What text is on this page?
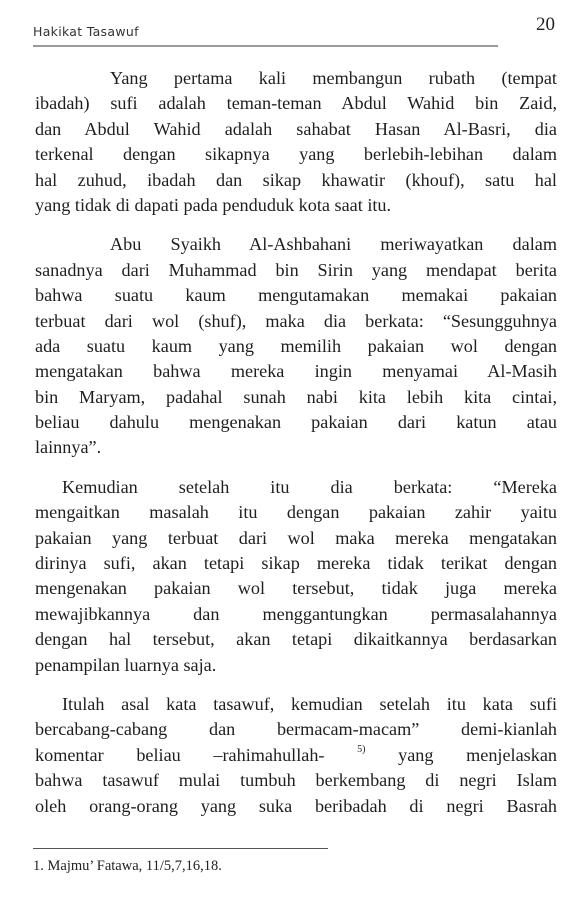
Hakikat Tasawuf	20

Yang pertama kali membangun rubath (tempat
ibadah) sufi adalah teman-teman Abdul Wahid bin Zaid,
dan Abdul Wahid adalah sahabat Hasan Al-Basri, dia
terkenal dengan sikapnya yang berlebih-lebihan dalam
hal zuhud, ibadah dan sikap khawatir (khouf), satu hal
yang tidak di dapati pada penduduk kota saat itu.

Abu Syaikh Al-Ashbahani meriwayatkan dalam
sanadnya dari Muhammad bin Sirin yang mendapat berita
bahwa suatu kaum mengutamakan memakai pakaian
terbuat dari wol (shuf), maka dia berkata: “Sesungguhnya
ada suatu kaum yang memilih pakaian wol dengan
mengatakan bahwa mereka ingin menyamai Al-Masih
bin Maryam, padahal sunah nabi kita lebih kita cintai,
beliau dahulu mengenakan pakaian dari katun atau
lainnya”.

Kemudian setelah itu dia berkata: “Mereka
mengaitkan masalah itu dengan pakaian zahir yaitu
pakaian yang terbuat dari wol maka mereka mengatakan
dirinya sufi, akan tetapi sikap mereka tidak terikat dengan
mengenakan pakaian wol tersebut, tidak juga mereka
mewajibkannya dan menggantungkan permasalahannya
dengan hal tersebut, akan tetapi dikaitkannya berdasarkan
penampilan luarnya saja.

Itulah asal kata tasawuf, kemudian setelah itu kata sufi
bercabang-cabang dan bermacam-macam” demi-kianlah
komentar beliau –rahimahullah-	$^{5)}$ yang menjelaskan
bahwa tasawuf mulai tumbuh berkembang di negri Islam
oleh orang-orang yang suka beribadah di negri Basrah

1. Majmu’ Fatawa, 11/5,7,16,18.
